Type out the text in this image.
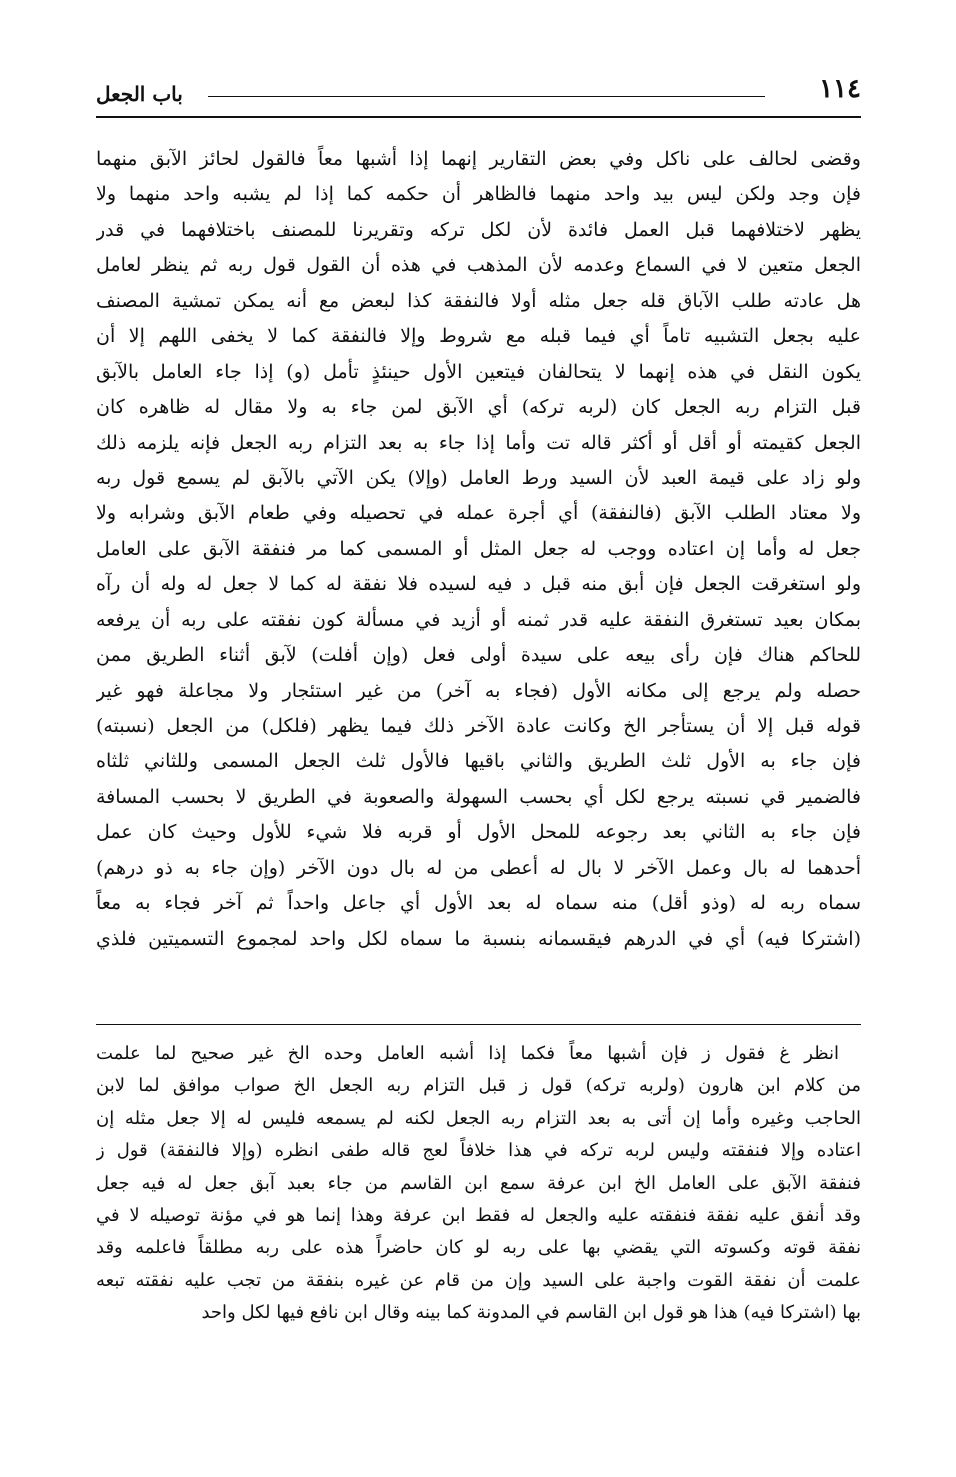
١١٤
باب الجعل
وقضى لحالف على ناكل وفي بعض التقارير إنهما إذا أشبها معاً فالقول لحائز الآبق منهما
فإن وجد ولكن ليس بيد واحد منهما فالظاهر أن حكمه كما إذا لم يشبه واحد منهما ولا
يظهر لاختلافهما قبل العمل فائدة لأن لكل تركه وتقريرنا للمصنف باختلافهما في قدر
الجعل متعين لا في السماع وعدمه لأن المذهب في هذه أن القول قول ربه ثم ينظر لعامل
هل عادته طلب الآباق قله جعل مثله أولا فالنفقة كذا لبعض مع أنه يمكن تمشية المصنف
عليه بجعل التشبيه تاماً أي فيما قبله مع شروط وإلا فالنفقة كما لا يخفى اللهم إلا أن
يكون النقل في هذه إنهما لا يتحالفان فيتعين الأول حينئذٍ تأمل (و) إذا جاء العامل بالآبق
قبل التزام ربه الجعل كان (لربه تركه) أي الآبق لمن جاء به ولا مقال له ظاهره كان
الجعل كقيمته أو أقل أو أكثر قاله تت وأما إذا جاء به بعد التزام ربه الجعل فإنه يلزمه ذلك
ولو زاد على قيمة العبد لأن السيد ورط العامل (وإلا) يكن الآتي بالآبق لم يسمع قول ربه
ولا معتاد الطلب الآبق (فالنفقة) أي أجرة عمله في تحصيله وفي طعام الآبق وشرابه ولا
جعل له وأما إن اعتاده ووجب له جعل المثل أو المسمى كما مر فنفقة الآبق على العامل
ولو استغرقت الجعل فإن أبق منه قبل د فيه لسيده فلا نفقة له كما لا جعل له وله أن رآه
بمكان بعيد تستغرق النفقة عليه قدر ثمنه أو أزيد في مسألة كون نفقته على ربه أن يرفعه
للحاكم هناك فإن رأى بيعه على سيدة أولى فعل (وإن أفلت) لآبق أثناء الطريق ممن
حصله ولم يرجع إلى مكانه الأول (فجاء به آخر) من غير استئجار ولا مجاعلة فهو غير
قوله قبل إلا أن يستأجر الخ وكانت عادة الآخر ذلك فيما يظهر (فلكل) من الجعل (نسبته)
فإن جاء به الأول ثلث الطريق والثاني باقيها فالأول ثلث الجعل المسمى وللثاني ثلثاه
فالضمير قي نسبته يرجع لكل أي بحسب السهولة والصعوبة في الطريق لا بحسب المسافة
فإن جاء به الثاني بعد رجوعه للمحل الأول أو قربه فلا شيء للأول وحيث كان عمل
أحدهما له بال وعمل الآخر لا بال له أعطى من له بال دون الآخر (وإن جاء به ذو درهم)
سماه ربه له (وذو أقل) منه سماه له بعد الأول أي جاعل واحداً ثم آخر فجاء به معاً
(اشتركا فيه) أي في الدرهم فيقسمانه بنسبة ما سماه لكل واحد لمجموع التسميتين فلذي
انظر غ فقول ز فإن أشبها معاً فكما إذا أشبه العامل وحده الخ غير صحيح لما علمت
من كلام ابن هارون (ولربه تركه) قول ز قبل التزام ربه الجعل الخ صواب موافق لما لابن
الحاجب وغيره وأما إن أتى به بعد التزام ربه الجعل لكنه لم يسمعه فليس له إلا جعل مثله إن
اعتاده وإلا فنفقته وليس لربه تركه في هذا خلافاً لعج قاله طفى انظره (وإلا فالنفقة) قول ز
فنفقة الآبق على العامل الخ ابن عرفة سمع ابن القاسم من جاء بعبد آبق جعل له فيه جعل
وقد أنفق عليه نفقة فنفقته عليه والجعل له فقط ابن عرفة وهذا إنما هو في مؤنة توصيله لا في
نفقة قوته وكسوته التي يقضي بها على ربه لو كان حاضراً هذه على ربه مطلقاً فاعلمه وقد
علمت أن نفقة القوت واجبة على السيد وإن من قام عن غيره بنفقة من تجب عليه نفقته تبعه
بها (اشتركا فيه) هذا هو قول ابن القاسم في المدونة كما بينه وقال ابن نافع فيها لكل واحد
